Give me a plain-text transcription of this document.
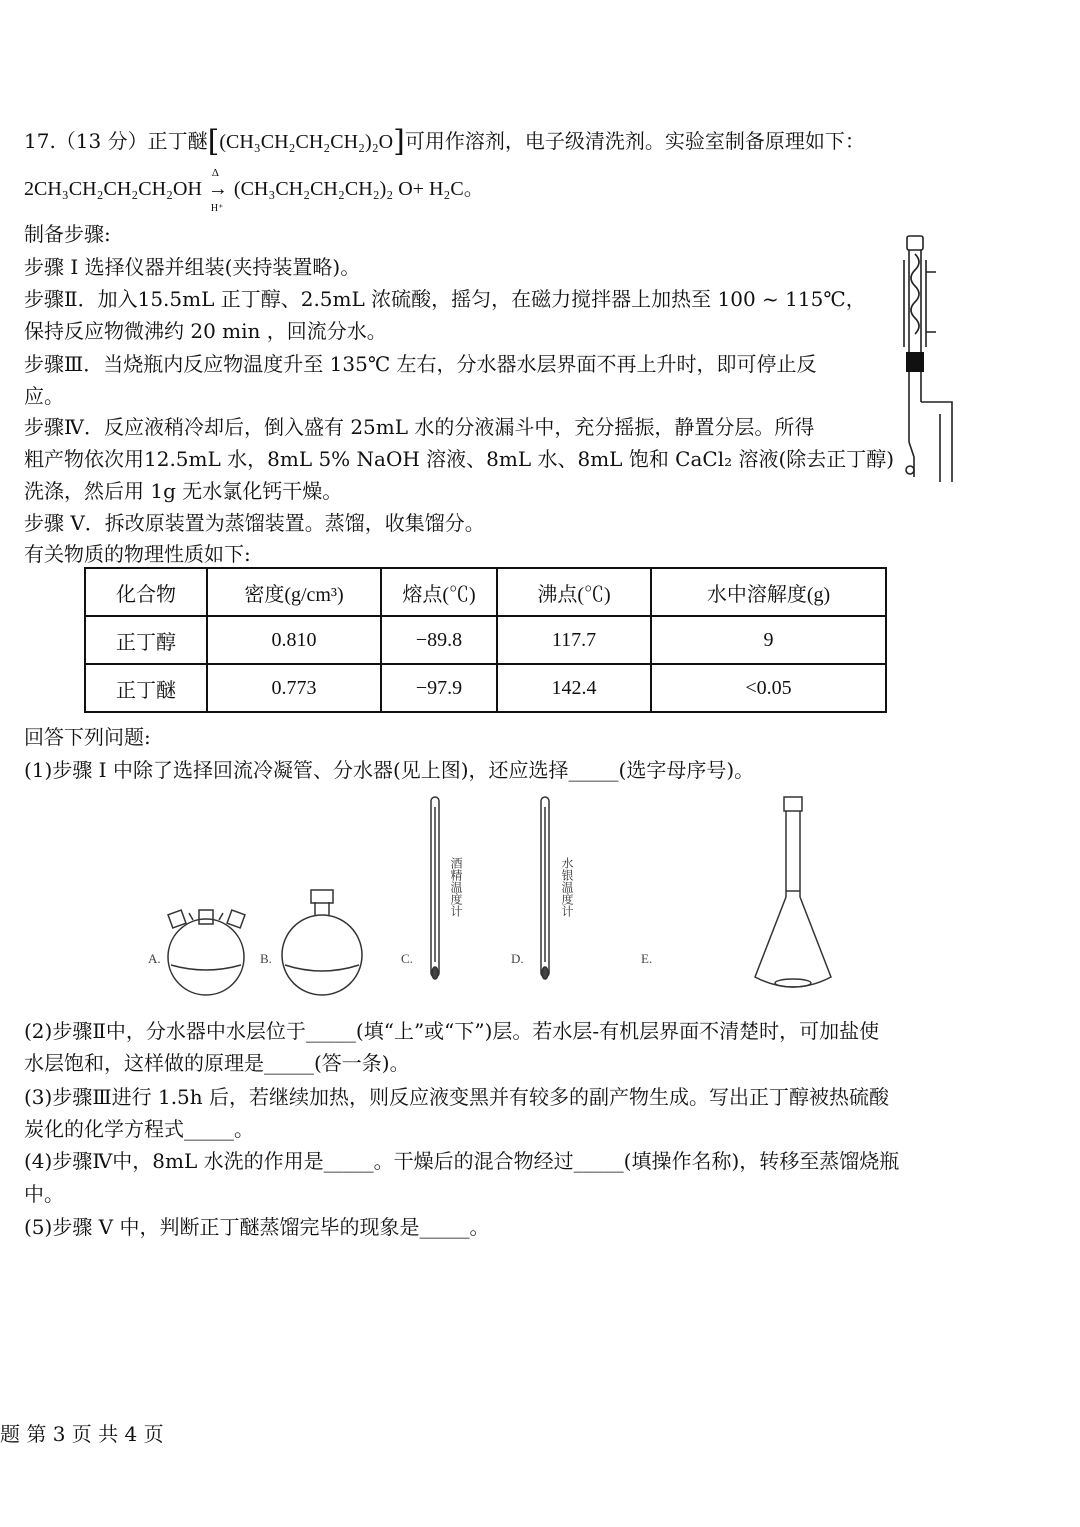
17.（13 分）正丁醚[(CH₃CH₂CH₂CH₂)₂O]可用作溶剂，电子级清洗剂。实验室制备原理如下：
2CH₃CH₂CH₂CH₂OH
Δ
→
H⁺
(CH₃CH₂CH₂CH₂)₂ O+ H₂C。
制备步骤:
步骤 I 选择仪器并组装(夹持装置略)。
步骤Ⅱ．加入15.5mL 正丁醇、2.5mL 浓硫酸，摇匀，在磁力搅拌器上加热至 100 ~ 115℃，
保持反应物微沸约 20 min ，回流分水。
步骤Ⅲ．当烧瓶内反应物温度升至 135℃ 左右，分水器水层界面不再上升时，即可停止反
应。
步骤Ⅳ．反应液稍冷却后，倒入盛有 25mL 水的分液漏斗中，充分摇振，静置分层。所得
粗产物依次用12.5mL 水，8mL 5% NaOH 溶液、8mL 水、8mL 饱和 CaCl₂ 溶液(除去正丁醇)
洗涤，然后用 1g 无水氯化钙干燥。
步骤 V．拆改原装置为蒸馏装置。蒸馏，收集馏分。
有关物质的物理性质如下:
化合物	密度(g/cm³)	熔点(℃)	沸点(℃)	水中溶解度(g)
正丁醇	0.810	−89.8	117.7	9
正丁醚	0.773	−97.9	142.4	<0.05
回答下列问题:
(1)步骤 I 中除了选择回流冷凝管、分水器(见上图)，还应选择_____(选字母序号)。
A.	B.	C.	D.	E.
酒精温度计	水银温度计
(2)步骤Ⅱ中，分水器中水层位于_____(填“上”或“下”)层。若水层-有机层界面不清楚时，可加盐使
水层饱和，这样做的原理是_____(答一条)。
(3)步骤Ⅲ进行 1.5h 后，若继续加热，则反应液变黑并有较多的副产物生成。写出正丁醇被热硫酸
炭化的化学方程式_____。
(4)步骤Ⅳ中，8mL 水洗的作用是_____。干燥后的混合物经过_____(填操作名称)，转移至蒸馏烧瓶
中。
(5)步骤 V 中，判断正丁醚蒸馏完毕的现象是_____。
题 第 3 页 共 4 页
